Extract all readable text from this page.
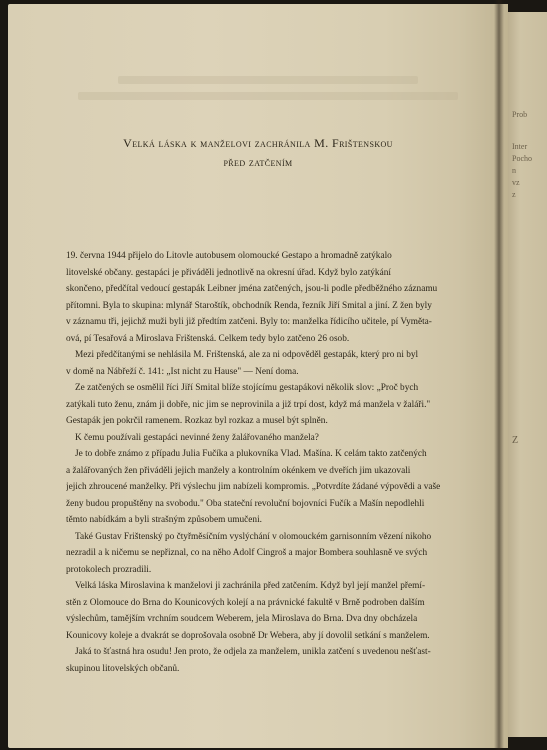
Prob
Inter
Pocho
n
vz
z
Z
Velká láska k manželovi zachránila M. Frištenskou
před zatčením
19. června 1944 přijelo do Litovle autobusem olomoucké Gestapo a hromadně zatýkalo
litovelské občany. gestapáci je přiváděli jednotlivě na okresní úřad. Když bylo zatýkání
skončeno, předčítal vedoucí gestapák Leibner jména zatčených, jsou-li podle předběžného záznamu
přítomni. Byla to skupina: mlynář Staroštík, obchodník Renda, řezník Jiří Smital a jiní. Z žen byly
v záznamu tři, jejichž muži byli již předtím zatčeni. Byly to: manželka řídicího učitele, pí Vyměta-
ová, pí Tesařová a Miroslava Frištenská. Celkem tedy bylo zatčeno 26 osob.
Mezi předčítanými se nehlásila M. Frištenská, ale za ni odpověděl gestapák, který pro ni byl
v domě na Nábřeží č. 141: „Ist nicht zu Hause" — Není doma.
Ze zatčených se osmělil říci Jiří Smital blíže stojícímu gestapákovi několik slov: „Proč bych
zatýkali tuto ženu, znám ji dobře, nic jim se neprovinila a již trpí dost, když má manžela v žaláři."
Gestapák jen pokrčil ramenem. Rozkaz byl rozkaz a musel být splněn.
K čemu používali gestapáci nevinné ženy žalářovaného manžela?
Je to dobře známo z případu Julia Fučíka a plukovníka Vlad. Mašína. K celám takto zatčených
a žalářovaných žen přiváděli jejich manžely a kontrolním okénkem ve dveřích jim ukazovali
jejich zhroucené manželky. Při výslechu jim nabízeli kompromis. „Potvrdíte žádané výpovědi a vaše
ženy budou propuštěny na svobodu." Oba stateční revoluční bojovníci Fučík a Mašín nepodlehli
těmto nabídkám a byli strašným způsobem umučeni.
Také Gustav Frištenský po čtyřměsíčním vyslýchání v olomouckém garnisonním vězení nikoho
nezradil a k ničemu se nepřiznal, co na něho Adolf Cingroš a major Bombera souhlasně ve svých
protokolech prozradili.
Velká láska Miroslavina k manželovi ji zachránila před zatčením. Když byl její manžel přemí-
stěn z Olomouce do Brna do Kounicových kolejí a na právnické fakultě v Brně podroben dalším
výslechům, tamějším vrchním soudcem Weberem, jela Miroslava do Brna. Dva dny obcházela
Kounicovy koleje a dvakrát se doprošovala osobně Dr Webera, aby jí dovolil setkání s manželem.
Jaká to šťastná hra osudu! Jen proto, že odjela za manželem, unikla zatčení s uvedenou nešťast-
skupinou litovelských občanů.
